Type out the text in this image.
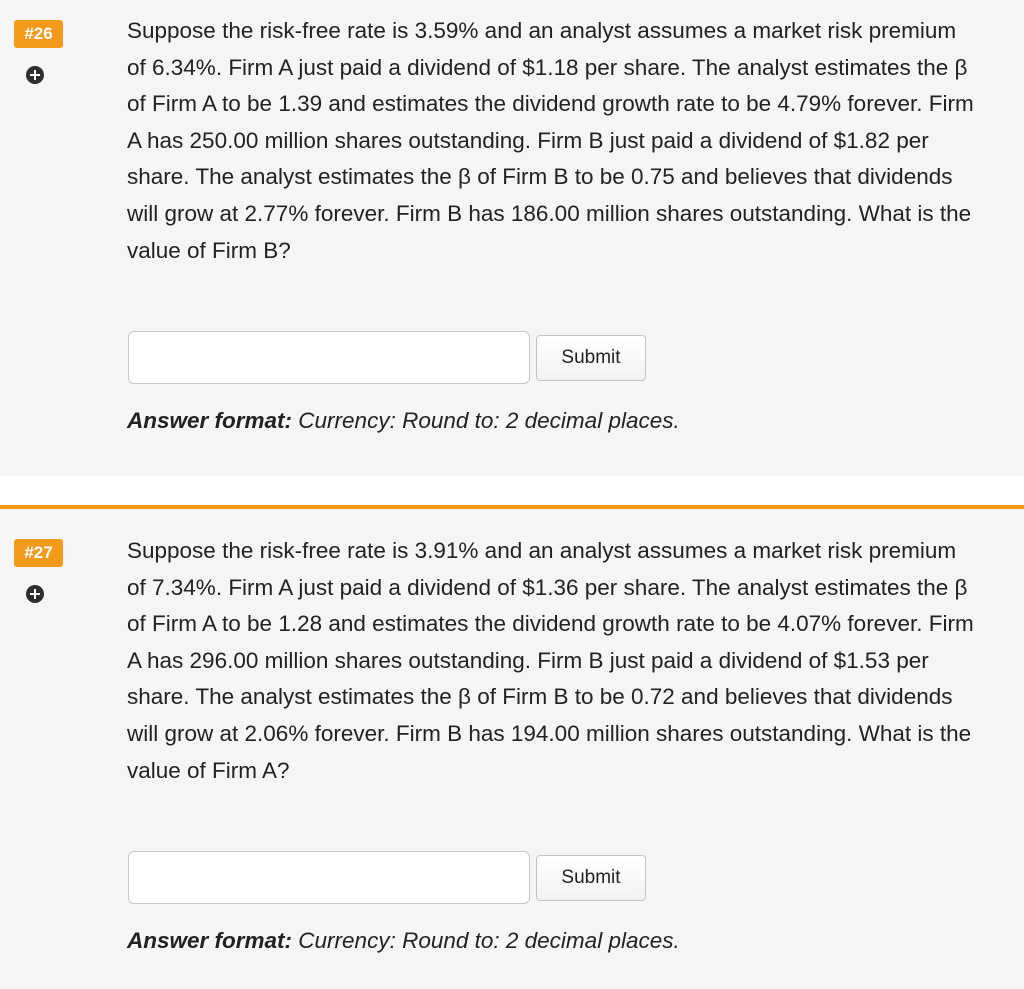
#26	Suppose the risk-free rate is 3.59% and an analyst assumes a market risk premium of 6.34%. Firm A just paid a dividend of $1.18 per share. The analyst estimates the β of Firm A to be 1.39 and estimates the dividend growth rate to be 4.79% forever. Firm A has 250.00 million shares outstanding. Firm B just paid a dividend of $1.82 per share. The analyst estimates the β of Firm B to be 0.75 and believes that dividends will grow at 2.77% forever. Firm B has 186.00 million shares outstanding. What is the value of Firm B?

Submit

Answer format: Currency: Round to: 2 decimal places.

#27	Suppose the risk-free rate is 3.91% and an analyst assumes a market risk premium of 7.34%. Firm A just paid a dividend of $1.36 per share. The analyst estimates the β of Firm A to be 1.28 and estimates the dividend growth rate to be 4.07% forever. Firm A has 296.00 million shares outstanding. Firm B just paid a dividend of $1.53 per share. The analyst estimates the β of Firm B to be 0.72 and believes that dividends will grow at 2.06% forever. Firm B has 194.00 million shares outstanding. What is the value of Firm A?

Submit

Answer format: Currency: Round to: 2 decimal places.
